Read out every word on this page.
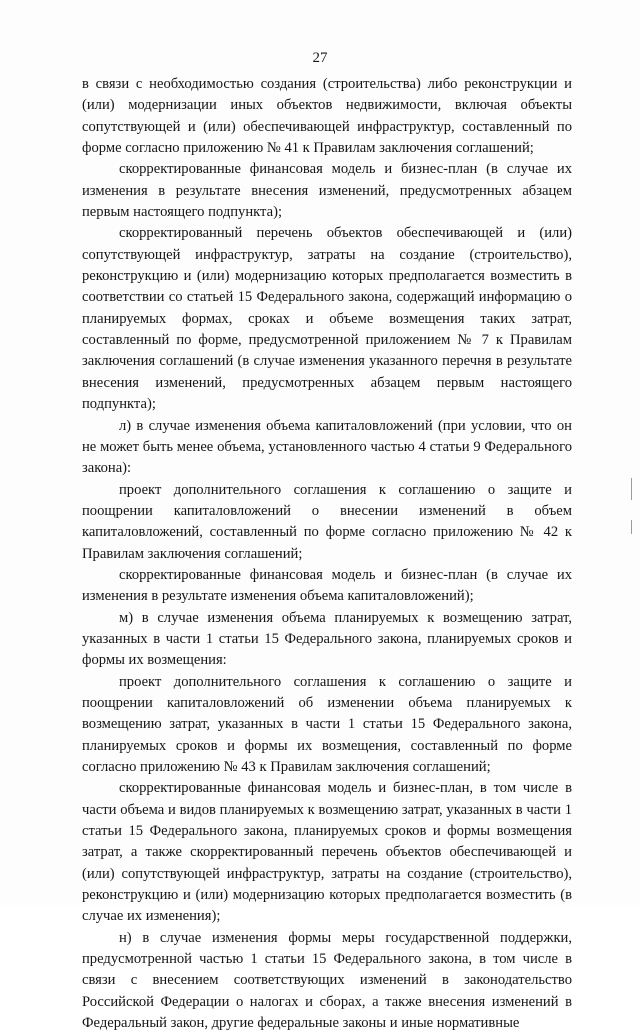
27

в связи с необходимостью создания (строительства) либо реконструкции и (или) модернизации иных объектов недвижимости, включая объекты сопутствующей и (или) обеспечивающей инфраструктур, составленный по форме согласно приложению № 41 к Правилам заключения соглашений;

скорректированные финансовая модель и бизнес-план (в случае их изменения в результате внесения изменений, предусмотренных абзацем первым настоящего подпункта);

скорректированный перечень объектов обеспечивающей и (или) сопутствующей инфраструктур, затраты на создание (строительство), реконструкцию и (или) модернизацию которых предполагается возместить в соответствии со статьей 15 Федерального закона, содержащий информацию о планируемых формах, сроках и объеме возмещения таких затрат, составленный по форме, предусмотренной приложением № 7 к Правилам заключения соглашений (в случае изменения указанного перечня в результате внесения изменений, предусмотренных абзацем первым настоящего подпункта);

л) в случае изменения объема капиталовложений (при условии, что он не может быть менее объема, установленного частью 4 статьи 9 Федерального закона):

проект дополнительного соглашения к соглашению о защите и поощрении капиталовложений о внесении изменений в объем капиталовложений, составленный по форме согласно приложению № 42 к Правилам заключения соглашений;

скорректированные финансовая модель и бизнес-план (в случае их изменения в результате изменения объема капиталовложений);

м) в случае изменения объема планируемых к возмещению затрат, указанных в части 1 статьи 15 Федерального закона, планируемых сроков и формы их возмещения:

проект дополнительного соглашения к соглашению о защите и поощрении капиталовложений об изменении объема планируемых к возмещению затрат, указанных в части 1 статьи 15 Федерального закона, планируемых сроков и формы их возмещения, составленный по форме согласно приложению № 43 к Правилам заключения соглашений;

скорректированные финансовая модель и бизнес-план, в том числе в части объема и видов планируемых к возмещению затрат, указанных в части 1 статьи 15 Федерального закона, планируемых сроков и формы возмещения затрат, а также скорректированный перечень объектов обеспечивающей и (или) сопутствующей инфраструктур, затраты на создание (строительство), реконструкцию и (или) модернизацию которых предполагается возместить (в случае их изменения);

н) в случае изменения формы меры государственной поддержки, предусмотренной частью 1 статьи 15 Федерального закона, в том числе в связи с внесением соответствующих изменений в законодательство Российской Федерации о налогах и сборах, а также внесения изменений в Федеральный закон, другие федеральные законы и иные нормативные
